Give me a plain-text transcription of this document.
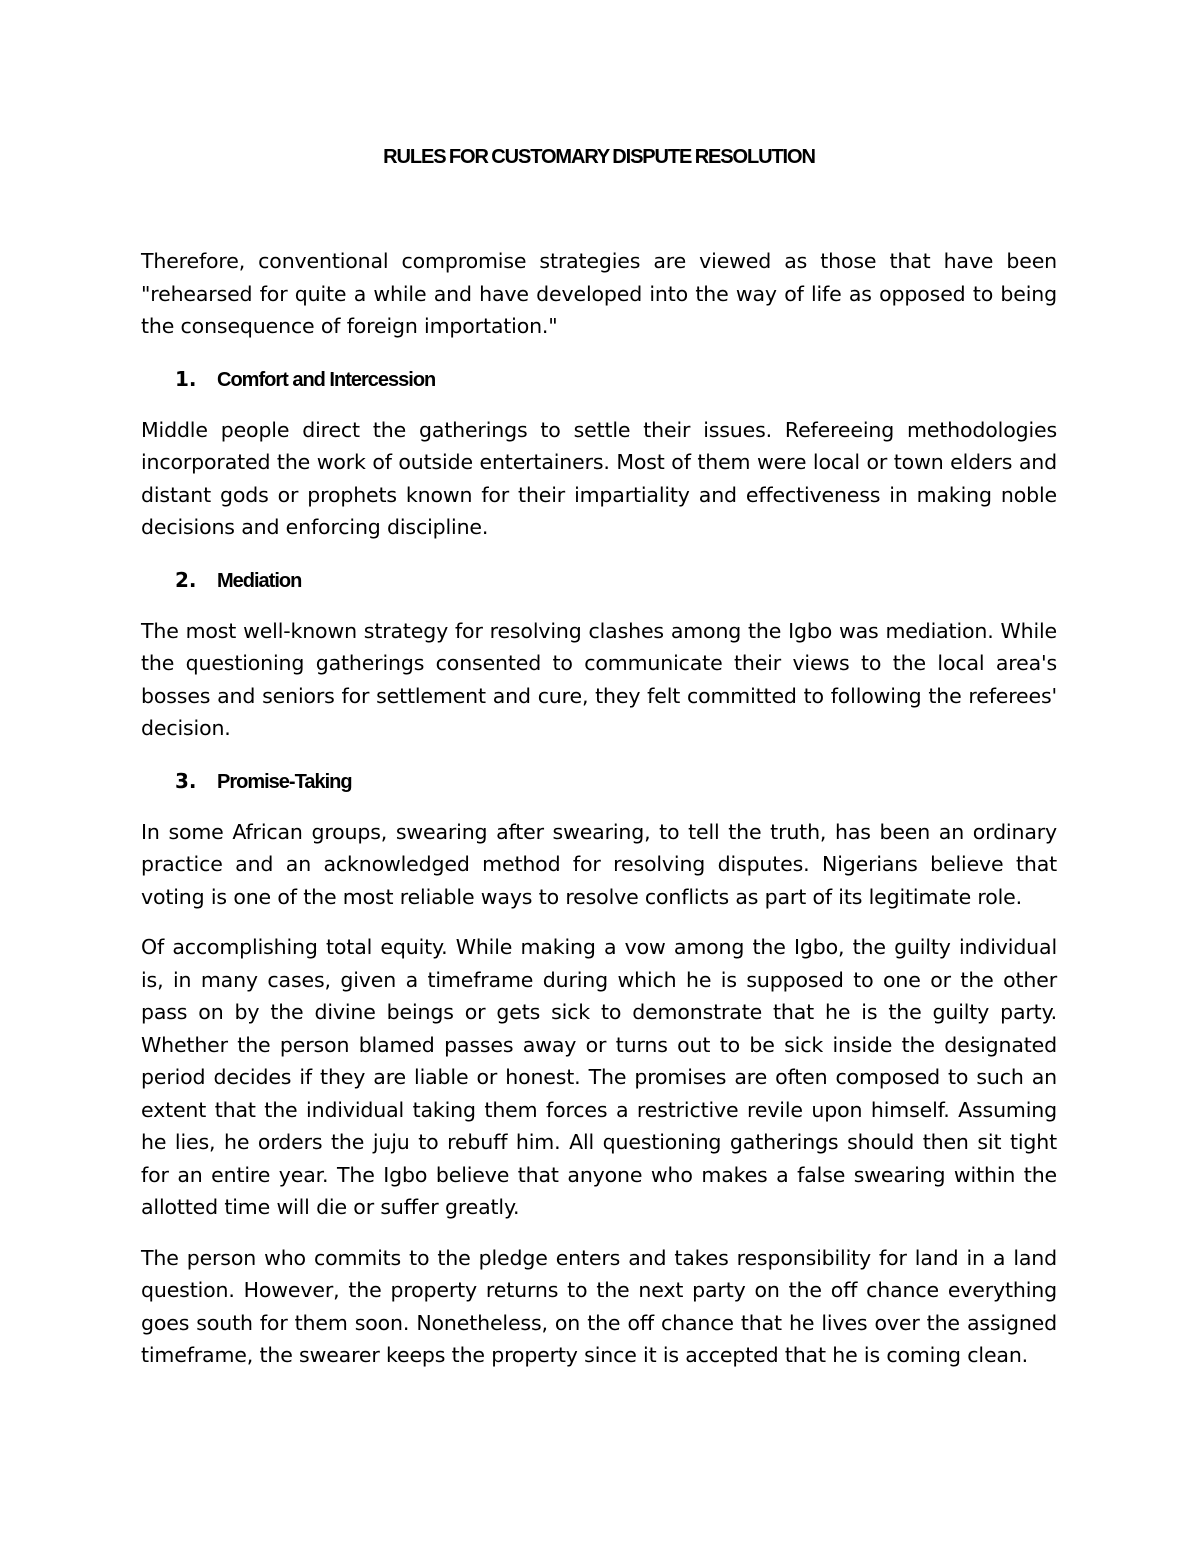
RULES FOR CUSTOMARY DISPUTE RESOLUTION

Therefore, conventional compromise strategies are viewed as those that have been "rehearsed for quite a while and have developed into the way of life as opposed to being the consequence of foreign importation."

1.	Comfort and Intercession

Middle people direct the gatherings to settle their issues. Refereeing methodologies incorporated the work of outside entertainers. Most of them were local or town elders and distant gods or prophets known for their impartiality and effectiveness in making noble decisions and enforcing discipline.

2.	Mediation

The most well-known strategy for resolving clashes among the Igbo was mediation. While the questioning gatherings consented to communicate their views to the local area's bosses and seniors for settlement and cure, they felt committed to following the referees' decision.

3.	Promise-Taking

In some African groups, swearing after swearing, to tell the truth, has been an ordinary practice and an acknowledged method for resolving disputes. Nigerians believe that voting is one of the most reliable ways to resolve conflicts as part of its legitimate role.

Of accomplishing total equity. While making a vow among the Igbo, the guilty individual is, in many cases, given a timeframe during which he is supposed to one or the other pass on by the divine beings or gets sick to demonstrate that he is the guilty party. Whether the person blamed passes away or turns out to be sick inside the designated period decides if they are liable or honest. The promises are often composed to such an extent that the individual taking them forces a restrictive revile upon himself. Assuming he lies, he orders the juju to rebuff him. All questioning gatherings should then sit tight for an entire year. The Igbo believe that anyone who makes a false swearing within the allotted time will die or suffer greatly.

The person who commits to the pledge enters and takes responsibility for land in a land question. However, the property returns to the next party on the off chance everything goes south for them soon. Nonetheless, on the off chance that he lives over the assigned timeframe, the swearer keeps the property since it is accepted that he is coming clean.
